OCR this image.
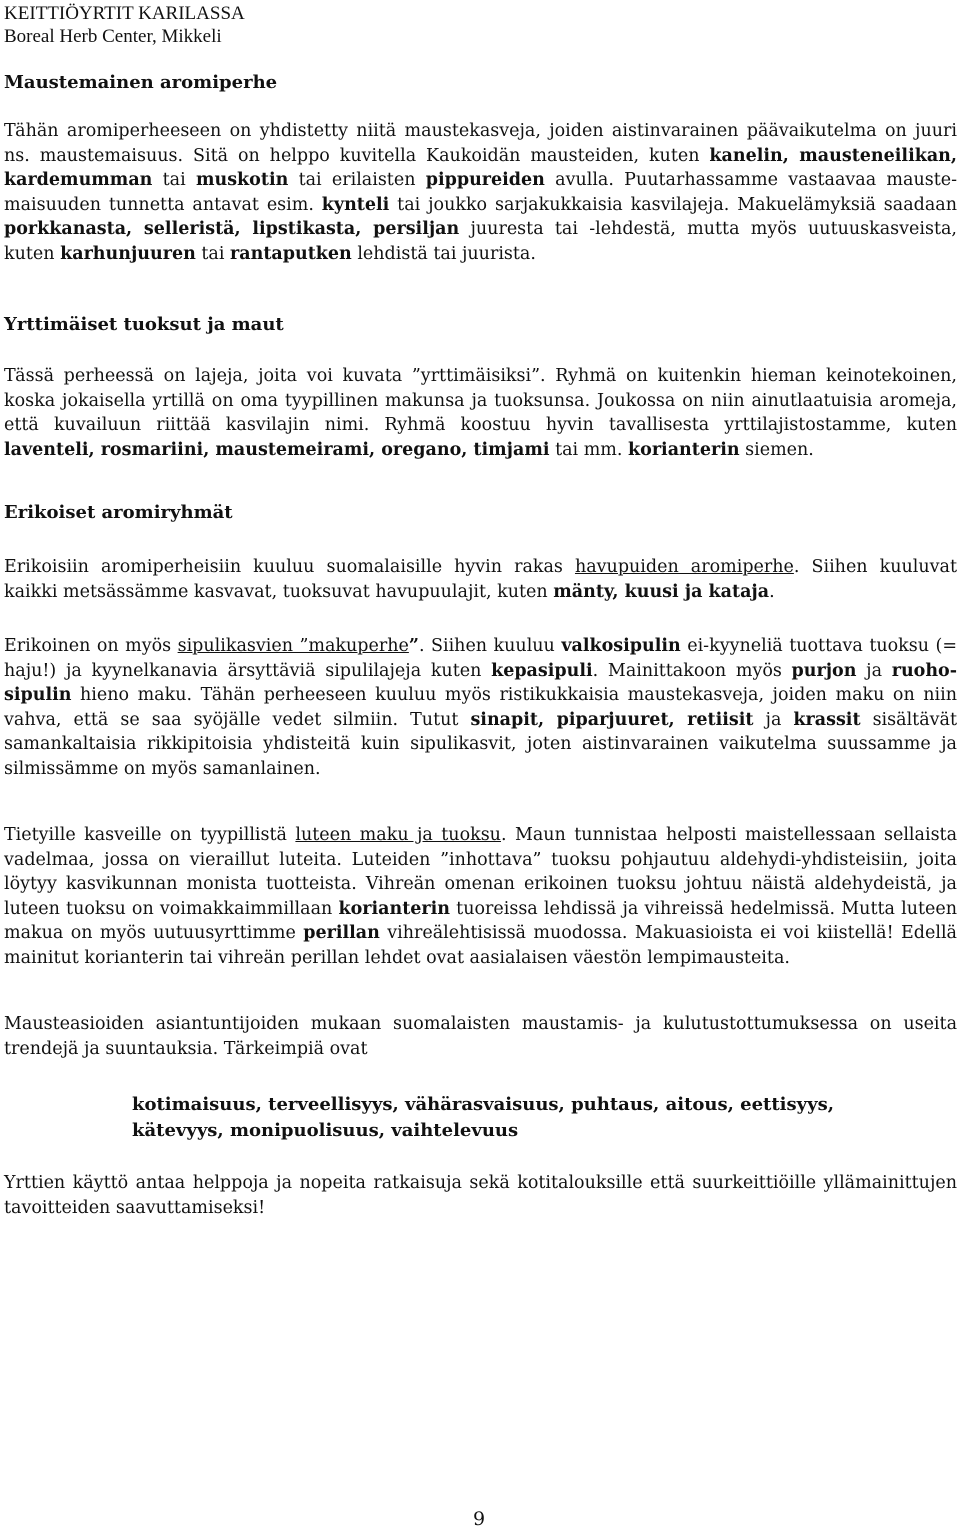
KEITTIÖYRTIT KARILASSA
Boreal Herb Center, Mikkeli
Maustemainen aromiperhe
Tähän aromiperheeseen on yhdistetty niitä maustekasveja, joiden aistinvarainen päävaikutelma on juuri ns. maustemaisuus. Sitä on helppo kuvitella Kaukoidän mausteiden, kuten kanelin, mausteneilikan, kardemumman tai muskotin tai erilaisten pippureiden avulla. Puutarhassamme vastaavaa mauste-maisuuden tunnetta antavat esim. kynteli tai joukko sarjakukkaisia kasvilajeja. Makuelämyksiä saadaan porkkanasta, selleristä, lipstikasta, persiljan juuresta tai -lehdestä, mutta myös uutuuskasveista, kuten karhunjuuren tai rantaputken lehdistä tai juurista.
Yrttimäiset tuoksut ja maut
Tässä perheessä on lajeja, joita voi kuvata ”yrttimäisiksi”. Ryhmä on kuitenkin hieman keinotekoinen, koska jokaisella yrtillä on oma tyypillinen makunsa ja tuoksunsa. Joukossa on niin ainutlaatuisia aromeja, että kuvailuun riittää kasvilajin nimi. Ryhmä koostuu hyvin tavallisesta yrttilajistostamme, kuten laventeli, rosmariini, maustemeirami, oregano, timjami tai mm. korianterin siemen.
Erikoiset aromiryhmät
Erikoisiin aromiperheisiin kuuluu suomalaisille hyvin rakas havupuiden aromiperhe. Siihen kuuluvat kaikki metsässämme kasvavat, tuoksuvat havupuulajit, kuten mänty, kuusi ja kataja.
Erikoinen on myös sipulikasvien ”makuperhe”. Siihen kuuluu valkosipulin ei-kyyneliä tuottava tuoksu (= haju!) ja kyynelkanavia ärsyttäviä sipulilajeja kuten kepasipuli. Mainittakoon myös purjon ja ruoho-sipulin hieno maku. Tähän perheeseen kuuluu myös ristikukkaisia maustekasveja, joiden maku on niin vahva, että se saa syöjälle vedet silmiin. Tutut sinapit, piparjuuret, retiisit ja krassit sisältävät samankaltaisia rikkipitoisia yhdisteitä kuin sipulikasvit, joten aistinvarainen vaikutelma suussamme ja silmissämme on myös samanlainen.
Tietyille kasveille on tyypillistä luteen maku ja tuoksu. Maun tunnistaa helposti maistellessaan sellaista vadelmaa, jossa on vieraillut luteita. Luteiden ”inhottava” tuoksu pohjautuu aldehydi-yhdisteisiin, joita löytyy kasvikunnan monista tuotteista. Vihreän omenan erikoinen tuoksu johtuu näistä aldehydeistä, ja luteen tuoksu on voimakkaimmillaan korianterin tuoreissa lehdissä ja vihreissä hedelmissä. Mutta luteen makua on myös uutuusyrttimme perillan vihreälehtisissä muodossa. Makuasioista ei voi kiistellä! Edellä mainitut korianterin tai vihreän perillan lehdet ovat aasialaisen väestön lempimausteita.
Mausteasioiden asiantuntijoiden mukaan suomalaisten maustamis- ja kulutustottumuksessa on useita trendejä ja suuntauksia. Tärkeimpiä ovat
kotimaisuus, terveellisyys, vähärasvaisuus, puhtaus, aitous, eettisyys,
kätevyys, monipuolisuus, vaihtelevuus
Yrttien käyttö antaa helppoja ja nopeita ratkaisuja sekä kotitalouksille että suurkeittiöille yllämainittujen tavoitteiden saavuttamiseksi!
9
